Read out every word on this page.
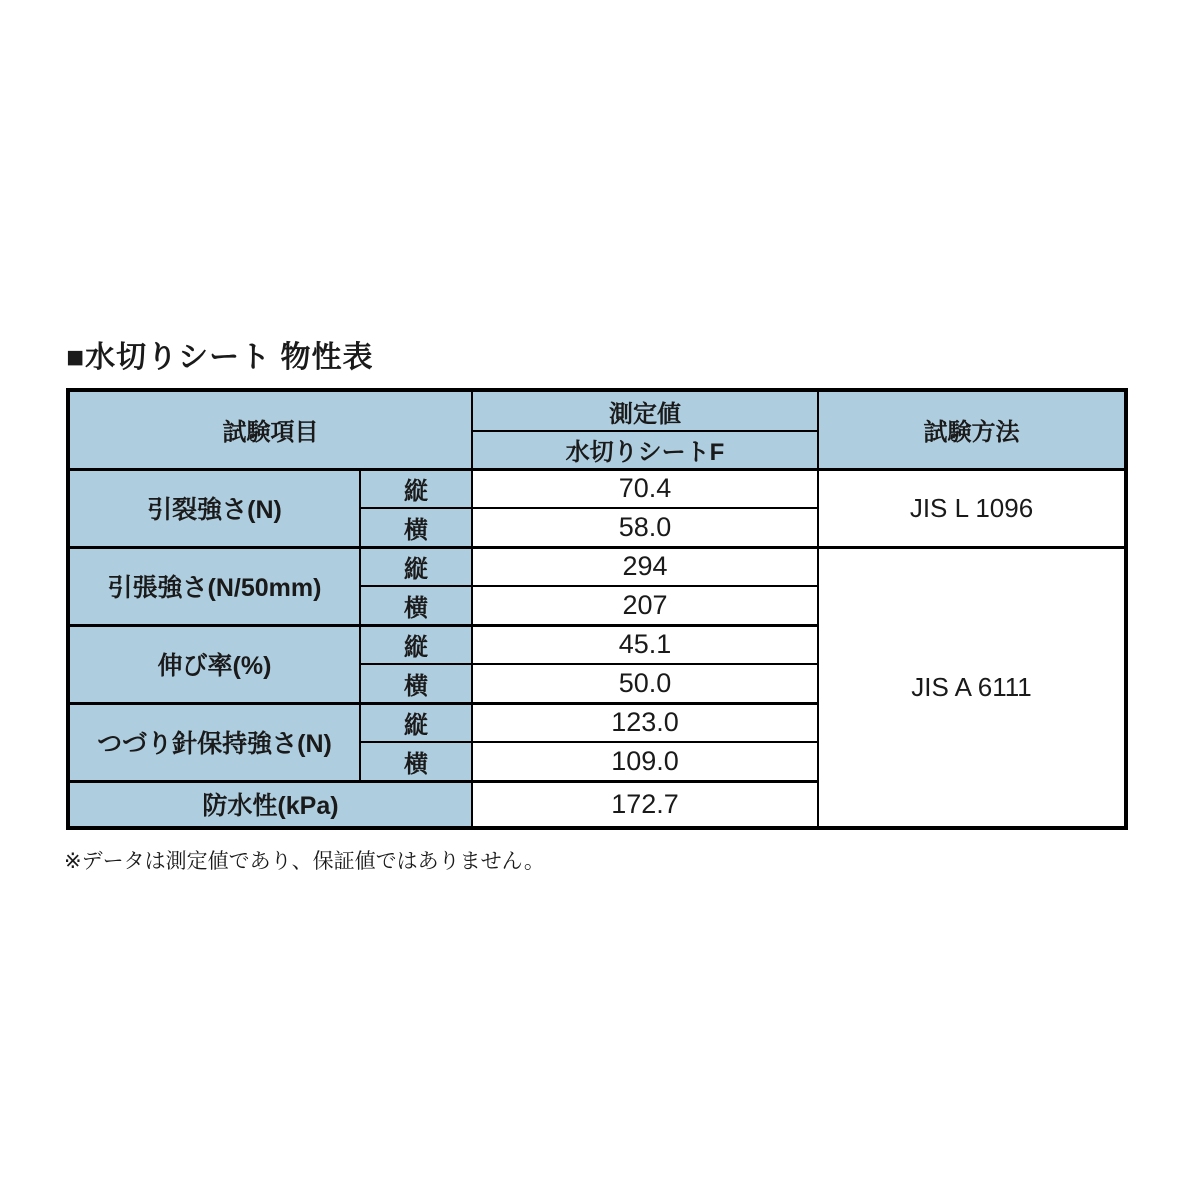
■水切りシート 物性表
試験項目		測定値	試験方法
		水切りシートF	
引裂強さ(N)	縦	70.4	JIS L 1096
	横	58.0	
引張強さ(N/50mm)	縦	294	JIS A 6111
	横	207	
伸び率(%)	縦	45.1	
	横	50.0	
つづり針保持強さ(N)	縦	123.0	
	横	109.0	
防水性(kPa)		172.7	
※データは測定値であり、保証値ではありません。
